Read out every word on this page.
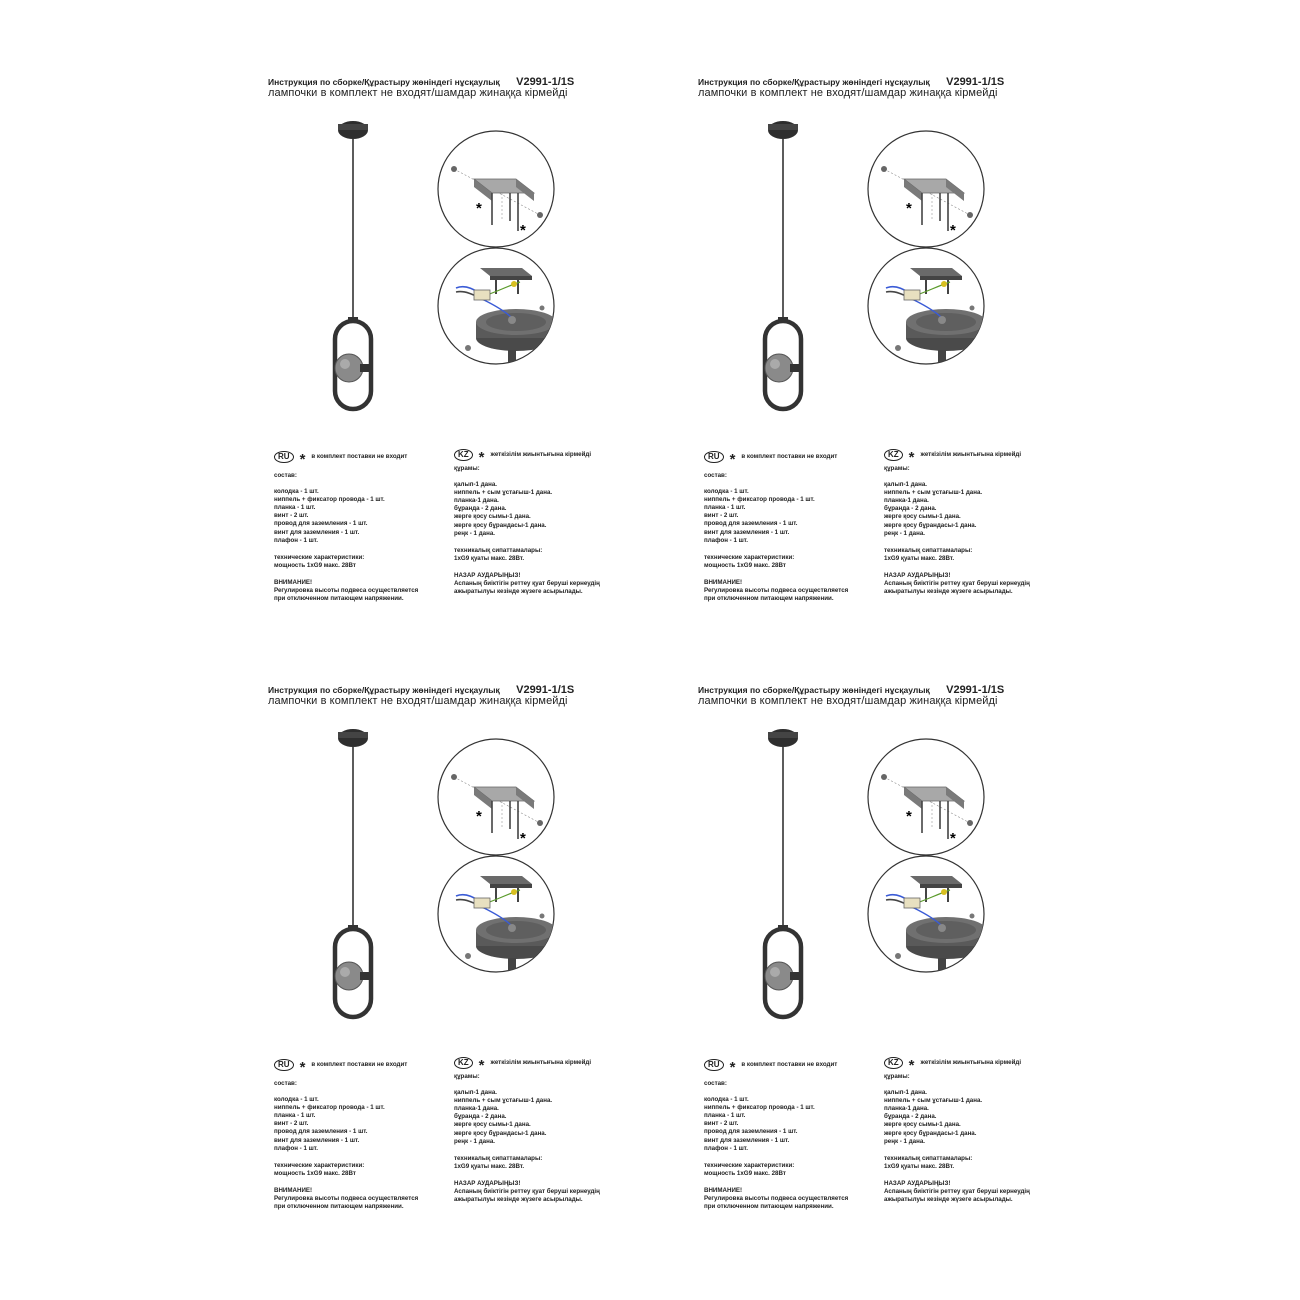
Инструкция по сборке/Құрастыру жөніндегі нұсқаулық V2991-1/1S
лампочки в комплект не входят/шамдар жинаққа кірмейді
*
*
RU * в комплект поставки не входит
состав:
колодка - 1 шт.
ниппель + фиксатор провода - 1 шт.
планка - 1 шт.
винт - 2 шт.
провод для заземления - 1 шт.
винт для заземления - 1 шт.
плафон - 1 шт.
технические характеристики:
мощность 1xG9 макс. 28Вт
ВНИМАНИЕ!
Регулировка высоты подвеса осуществляется
при отключенном питающем напряжении.
KZ * жеткізілім жиынтығына кірмейді
құрамы:
қалып-1 дана.
ниппель + сым ұстағыш-1 дана.
планка-1 дана.
бұранда - 2 дана.
жерге қосу сымы-1 дана.
жерге қосу бұрандасы-1 дана.
реңк - 1 дана.
техникалық сипаттамалары:
1xG9 қуаты макс. 28Вт.
НАЗАР АУДАРЫҢЫЗ!
Аспаның биіктігін реттеу қуат беруші кернеудің
ажыратылуы кезінде жүзеге асырылады.
Инструкция по сборке/Құрастыру жөніндегі нұсқаулық V2991-1/1S
лампочки в комплект не входят/шамдар жинаққа кірмейді
*
*
RU * в комплект поставки не входит
состав:
колодка - 1 шт.
ниппель + фиксатор провода - 1 шт.
планка - 1 шт.
винт - 2 шт.
провод для заземления - 1 шт.
винт для заземления - 1 шт.
плафон - 1 шт.
технические характеристики:
мощность 1xG9 макс. 28Вт
ВНИМАНИЕ!
Регулировка высоты подвеса осуществляется
при отключенном питающем напряжении.
KZ * жеткізілім жиынтығына кірмейді
құрамы:
қалып-1 дана.
ниппель + сым ұстағыш-1 дана.
планка-1 дана.
бұранда - 2 дана.
жерге қосу сымы-1 дана.
жерге қосу бұрандасы-1 дана.
реңк - 1 дана.
техникалық сипаттамалары:
1xG9 қуаты макс. 28Вт.
НАЗАР АУДАРЫҢЫЗ!
Аспаның биіктігін реттеу қуат беруші кернеудің
ажыратылуы кезінде жүзеге асырылады.
Инструкция по сборке/Құрастыру жөніндегі нұсқаулық V2991-1/1S
лампочки в комплект не входят/шамдар жинаққа кірмейді
*
*
RU * в комплект поставки не входит
состав:
колодка - 1 шт.
ниппель + фиксатор провода - 1 шт.
планка - 1 шт.
винт - 2 шт.
провод для заземления - 1 шт.
винт для заземления - 1 шт.
плафон - 1 шт.
технические характеристики:
мощность 1xG9 макс. 28Вт
ВНИМАНИЕ!
Регулировка высоты подвеса осуществляется
при отключенном питающем напряжении.
KZ * жеткізілім жиынтығына кірмейді
құрамы:
қалып-1 дана.
ниппель + сым ұстағыш-1 дана.
планка-1 дана.
бұранда - 2 дана.
жерге қосу сымы-1 дана.
жерге қосу бұрандасы-1 дана.
реңк - 1 дана.
техникалық сипаттамалары:
1xG9 қуаты макс. 28Вт.
НАЗАР АУДАРЫҢЫЗ!
Аспаның биіктігін реттеу қуат беруші кернеудің
ажыратылуы кезінде жүзеге асырылады.
Инструкция по сборке/Құрастыру жөніндегі нұсқаулық V2991-1/1S
лампочки в комплект не входят/шамдар жинаққа кірмейді
*
*
RU * в комплект поставки не входит
состав:
колодка - 1 шт.
ниппель + фиксатор провода - 1 шт.
планка - 1 шт.
винт - 2 шт.
провод для заземления - 1 шт.
винт для заземления - 1 шт.
плафон - 1 шт.
технические характеристики:
мощность 1xG9 макс. 28Вт
ВНИМАНИЕ!
Регулировка высоты подвеса осуществляется
при отключенном питающем напряжении.
KZ * жеткізілім жиынтығына кірмейді
құрамы:
қалып-1 дана.
ниппель + сым ұстағыш-1 дана.
планка-1 дана.
бұранда - 2 дана.
жерге қосу сымы-1 дана.
жерге қосу бұрандасы-1 дана.
реңк - 1 дана.
техникалық сипаттамалары:
1xG9 қуаты макс. 28Вт.
НАЗАР АУДАРЫҢЫЗ!
Аспаның биіктігін реттеу қуат беруші кернеудің
ажыратылуы кезінде жүзеге асырылады.
